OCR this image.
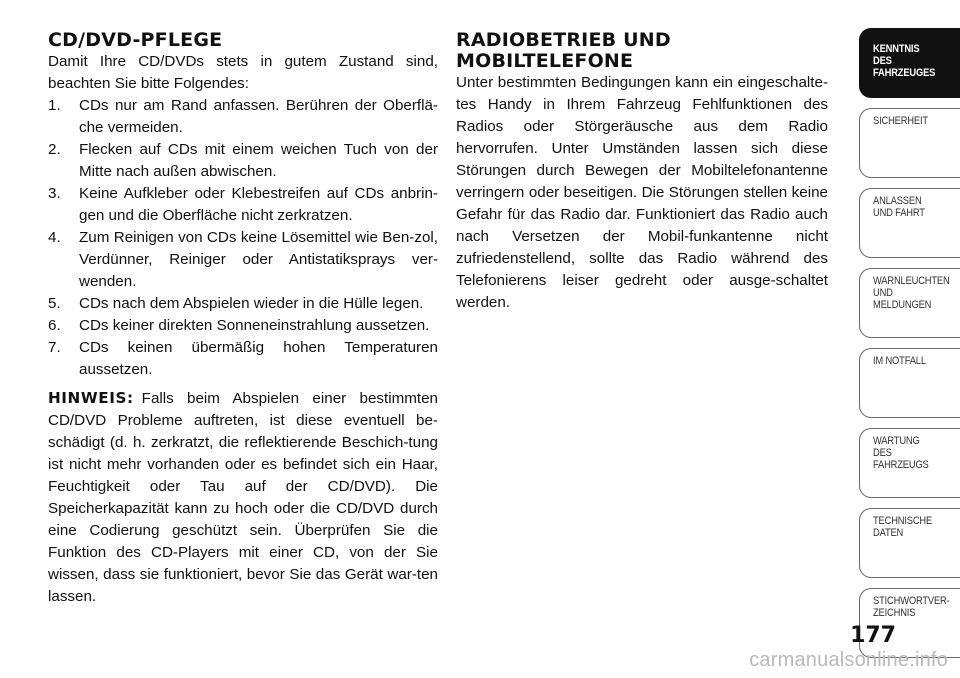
CD/DVD-PFLEGE

Damit Ihre CD/DVDs stets in gutem Zustand sind, beachten Sie bitte Folgendes:

1. CDs nur am Rand anfassen. Berühren der Oberflä-che vermeiden.
2. Flecken auf CDs mit einem weichen Tuch von der Mitte nach außen abwischen.
3. Keine Aufkleber oder Klebestreifen auf CDs anbrin-gen und die Oberfläche nicht zerkratzen.
4. Zum Reinigen von CDs keine Lösemittel wie Ben-zol, Verdünner, Reiniger oder Antistatiksprays ver-wenden.
5. CDs nach dem Abspielen wieder in die Hülle legen.
6. CDs keiner direkten Sonneneinstrahlung aussetzen.
7. CDs keinen übermäßig hohen Temperaturen aussetzen.

HINWEIS: Falls beim Abspielen einer bestimmten CD/DVD Probleme auftreten, ist diese eventuell be-schädigt (d. h. zerkratzt, die reflektierende Beschich-tung ist nicht mehr vorhanden oder es befindet sich ein Haar, Feuchtigkeit oder Tau auf der CD/DVD). Die Speicherkapazität kann zu hoch oder die CD/DVD durch eine Codierung geschützt sein. Überprüfen Sie die Funktion des CD-Players mit einer CD, von der Sie wissen, dass sie funktioniert, bevor Sie das Gerät war-ten lassen.

RADIOBETRIEB UND
MOBILTELEFONE

Unter bestimmten Bedingungen kann ein eingeschalte-tes Handy in Ihrem Fahrzeug Fehlfunktionen des Radios oder Störgeräusche aus dem Radio hervorrufen. Unter Umständen lassen sich diese Störungen durch Bewegen der Mobiltelefonantenne verringern oder beseitigen. Die Störungen stellen keine Gefahr für das Radio dar. Funktioniert das Radio auch nach Versetzen der Mobil-funkantenne nicht zufriedenstellend, sollte das Radio während des Telefonierens leiser gedreht oder ausge-schaltet werden.

KENNTNIS
DES
FAHRZEUGES
SICHERHEIT
ANLASSEN
UND FAHRT
WARNLEUCHTEN
UND
MELDUNGEN
IM NOTFALL
WARTUNG
DES
FAHRZEUGS
TECHNISCHE
DATEN
STICHWORTVER-
ZEICHNIS
177
carmanualsonline.info
